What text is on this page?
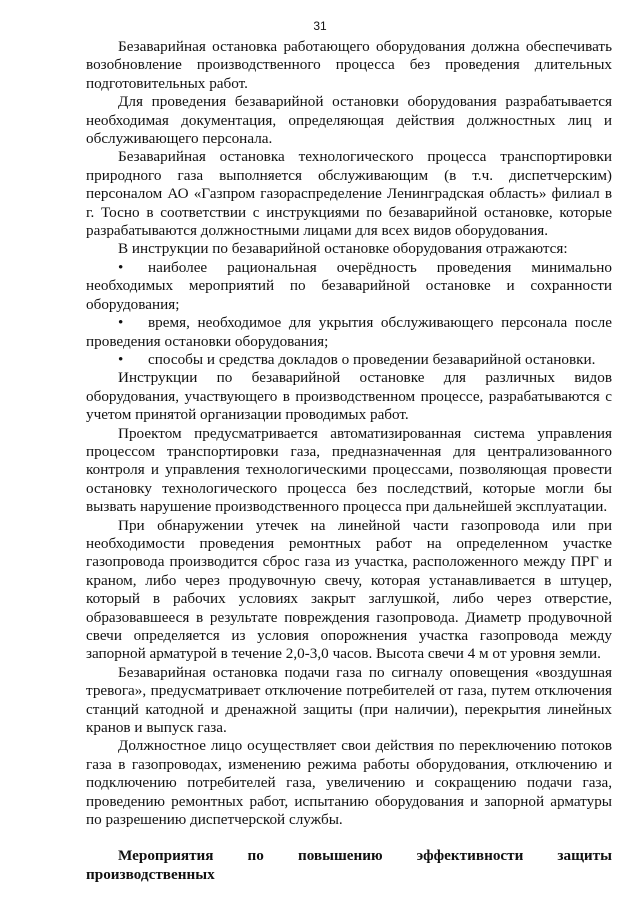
31

Безаварийная остановка работающего оборудования должна обеспечивать возобновление производственного процесса без проведения длительных подготовительных работ.

Для проведения безаварийной остановки оборудования разрабатывается необходимая документация, определяющая действия должностных лиц и обслуживающего персонала.

Безаварийная остановка технологического процесса транспортировки природного газа выполняется обслуживающим (в т.ч. диспетчерским) персоналом АО «Газпром газораспределение Ленинградская область» филиал в г. Тосно в соответствии с инструкциями по безаварийной остановке, которые разрабатываются должностными лицами для всех видов оборудования.

В инструкции по безаварийной остановке оборудования отражаются:

• наиболее рациональная очерёдность проведения минимально необходимых мероприятий по безаварийной остановке и сохранности оборудования;

• время, необходимое для укрытия обслуживающего персонала после проведения остановки оборудования;

• способы и средства докладов о проведении безаварийной остановки.

Инструкции по безаварийной остановке для различных видов оборудования, участвующего в производственном процессе, разрабатываются с учетом принятой организации проводимых работ.

Проектом предусматривается автоматизированная система управления процессом транспортировки газа, предназначенная для централизованного контроля и управления технологическими процессами, позволяющая провести остановку технологического процесса без последствий, которые могли бы вызвать нарушение производственного процесса при дальнейшей эксплуатации.

При обнаружении утечек на линейной части газопровода или при необходимости проведения ремонтных работ на определенном участке газопровода производится сброс газа из участка, расположенного между ПРГ и краном, либо через продувочную свечу, которая устанавливается в штуцер, который в рабочих условиях закрыт заглушкой, либо через отверстие, образовавшееся в результате повреждения газопровода. Диаметр продувочной свечи определяется из условия опорожнения участка газопровода между запорной арматурой в течение 2,0-3,0 часов. Высота свечи 4 м от уровня земли.

Безаварийная остановка подачи газа по сигналу оповещения «воздушная тревога», предусматривает отключение потребителей от газа, путем отключения станций катодной и дренажной защиты (при наличии), перекрытия линейных кранов и выпуск газа.

Должностное лицо осуществляет свои действия по переключению потоков газа в газопроводах, изменению режима работы оборудования, отключению и подключению потребителей газа, увеличению и сокращению подачи газа, проведению ремонтных работ, испытанию оборудования и запорной арматуры по разрешению диспетчерской службы.

Мероприятия по повышению эффективности защиты производственных
